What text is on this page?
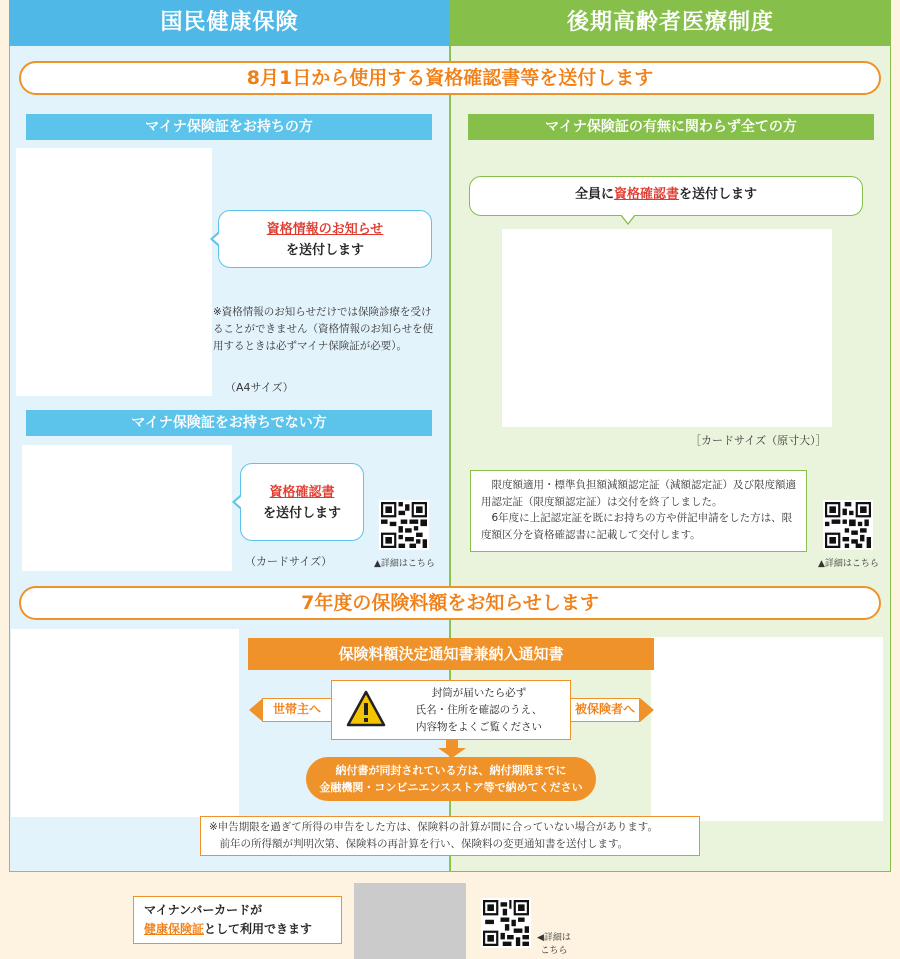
国民健康保険	後期高齢者医療制度
8月1日から使用する資格確認書等を送付します
マイナ保険証をお持ちの方
資格情報のお知らせ
を送付します
※資格情報のお知らせだけでは保険診療を受けることができません（資格情報のお知らせを使用するときは必ずマイナ保険証が必要）。
（A4サイズ）
マイナ保険証をお持ちでない方
資格確認書
を送付します
（カードサイズ）	▲詳細はこちら
マイナ保険証の有無に関わらず全ての方
全員に資格確認書を送付します
［カードサイズ（原寸大）］
限度額適用・標準負担額減額認定証（減額認定証）及び限度額適用認定証（限度額認定証）は交付を終了しました。
6年度に上記認定証を既にお持ちの方や併記申請をした方は、限度額区分を資格確認書に記載して交付します。
▲詳細はこちら
7年度の保険料額をお知らせします
保険料額決定通知書兼納入通知書
世帯主へ	被保険者へ
封筒が届いたら必ず
氏名・住所を確認のうえ、
内容物をよくご覧ください
納付書が同封されている方は、納付期限までに
金融機関・コンビニエンスストア等で納めてください
※申告期限を過ぎて所得の申告をした方は、保険料の計算が間に合っていない場合があります。
前年の所得額が判明次第、保険料の再計算を行い、保険料の変更通知書を送付します。
マイナンバーカードが
健康保険証として利用できます
◀詳細は
こちら
